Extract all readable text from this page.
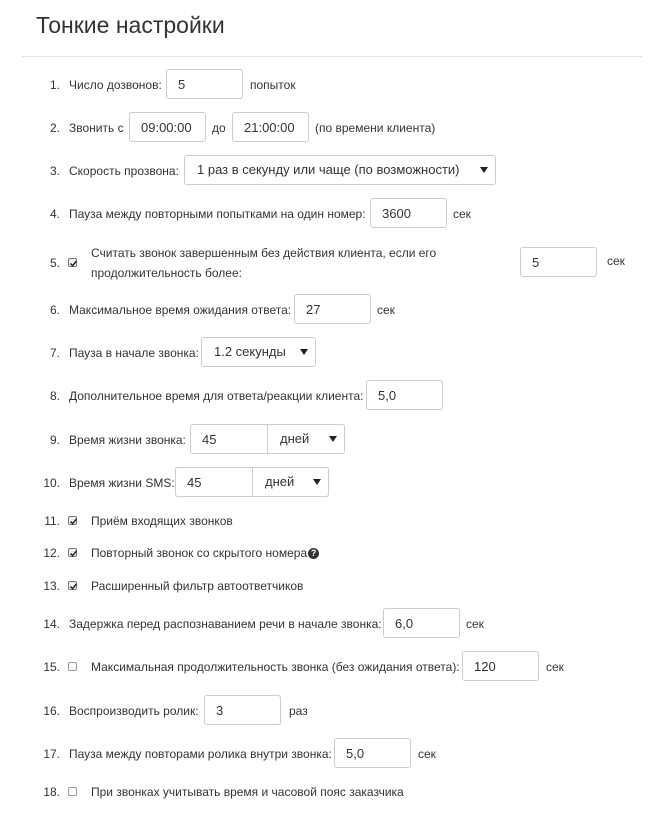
Тонкие настройки
1. Число дозвонов:	5	попыток
2. Звонить с	09:00:00	до	21:00:00	(по времени клиента)
3. Скорость прозвона:	1 раз в секунду или чаще (по возможности)
4. Пауза между повторными попытками на один номер:	3600	сек
5.
Считать звонок завершенным без действия клиента, если его продолжительность более:
5	сек
6. Максимальное время ожидания ответа:	27	сек
7. Пауза в начале звонка:	1.2 секунды
8. Дополнительное время для ответа/реакции клиента:	5,0
9. Время жизни звонка:	45	дней
10. Время жизни SMS: 45	дней
11.	Приём входящих звонков
12.	Повторный звонок со скрытого номера ?
13.	Расширенный фильтр автоответчиков
14. Задержка перед распознаванием речи в начале звонка:	6,0	сек
15.	Максимальная продолжительность звонка (без ожидания ответа):	120	сек
16. Воспроизводить ролик:	3	раз
17. Пауза между повторами ролика внутри звонка:	5,0	сек
18.	При звонках учитывать время и часовой пояс заказчика
